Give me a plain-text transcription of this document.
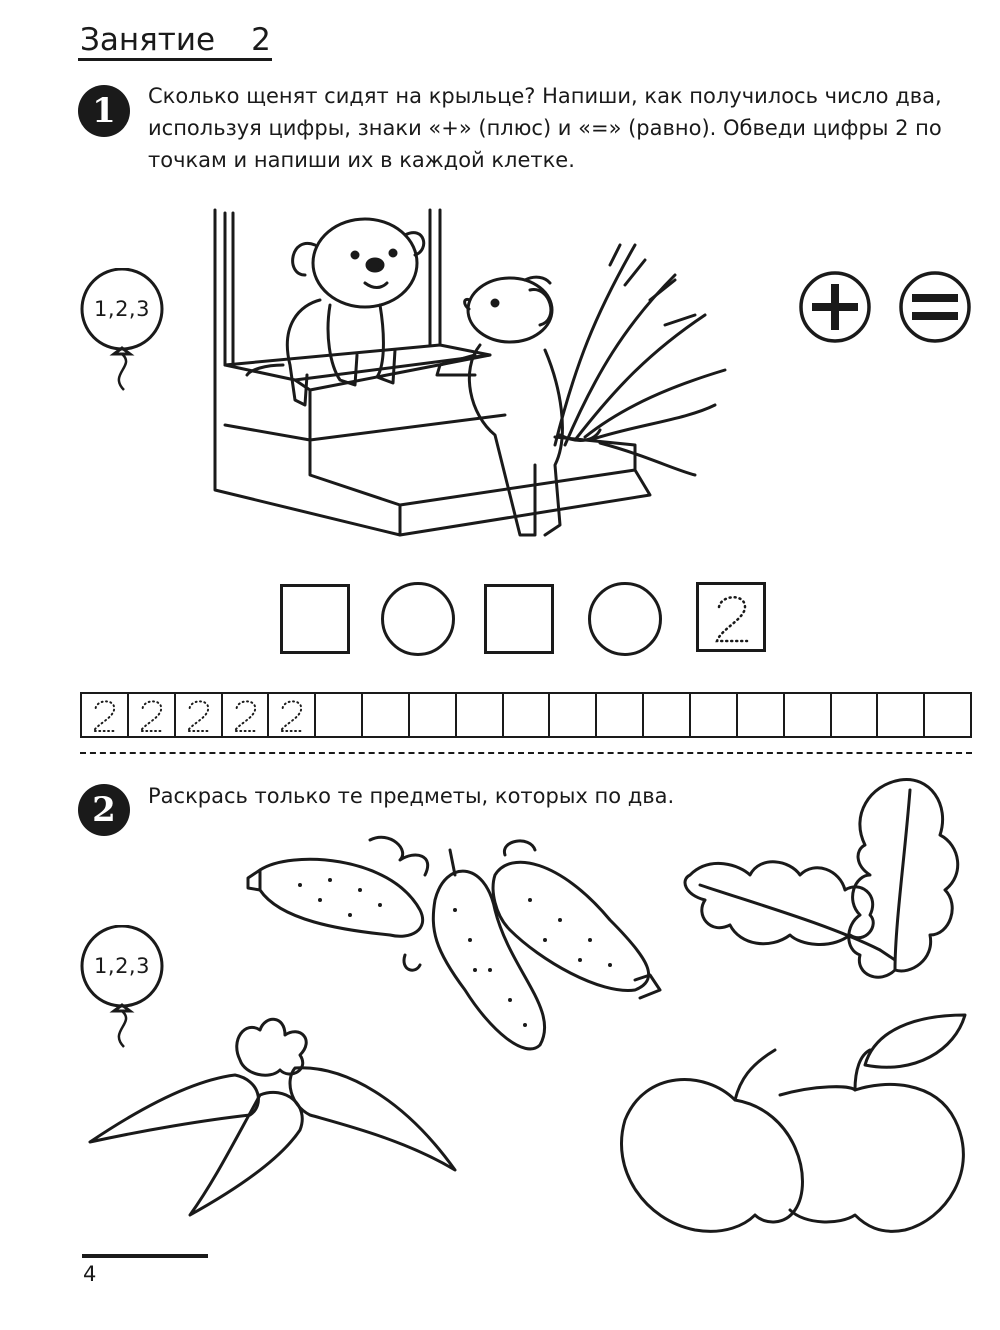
Занятие 2
1	Сколько щенят сидят на крыльце? Напиши, как получилось число два, используя цифры, знаки «+» (плюс) и «=» (равно). Обведи цифры 2 по точкам и напиши их в каждой клетке.
1,2,3
2	Раскрась только те предметы, которых по два.
1,2,3
4
